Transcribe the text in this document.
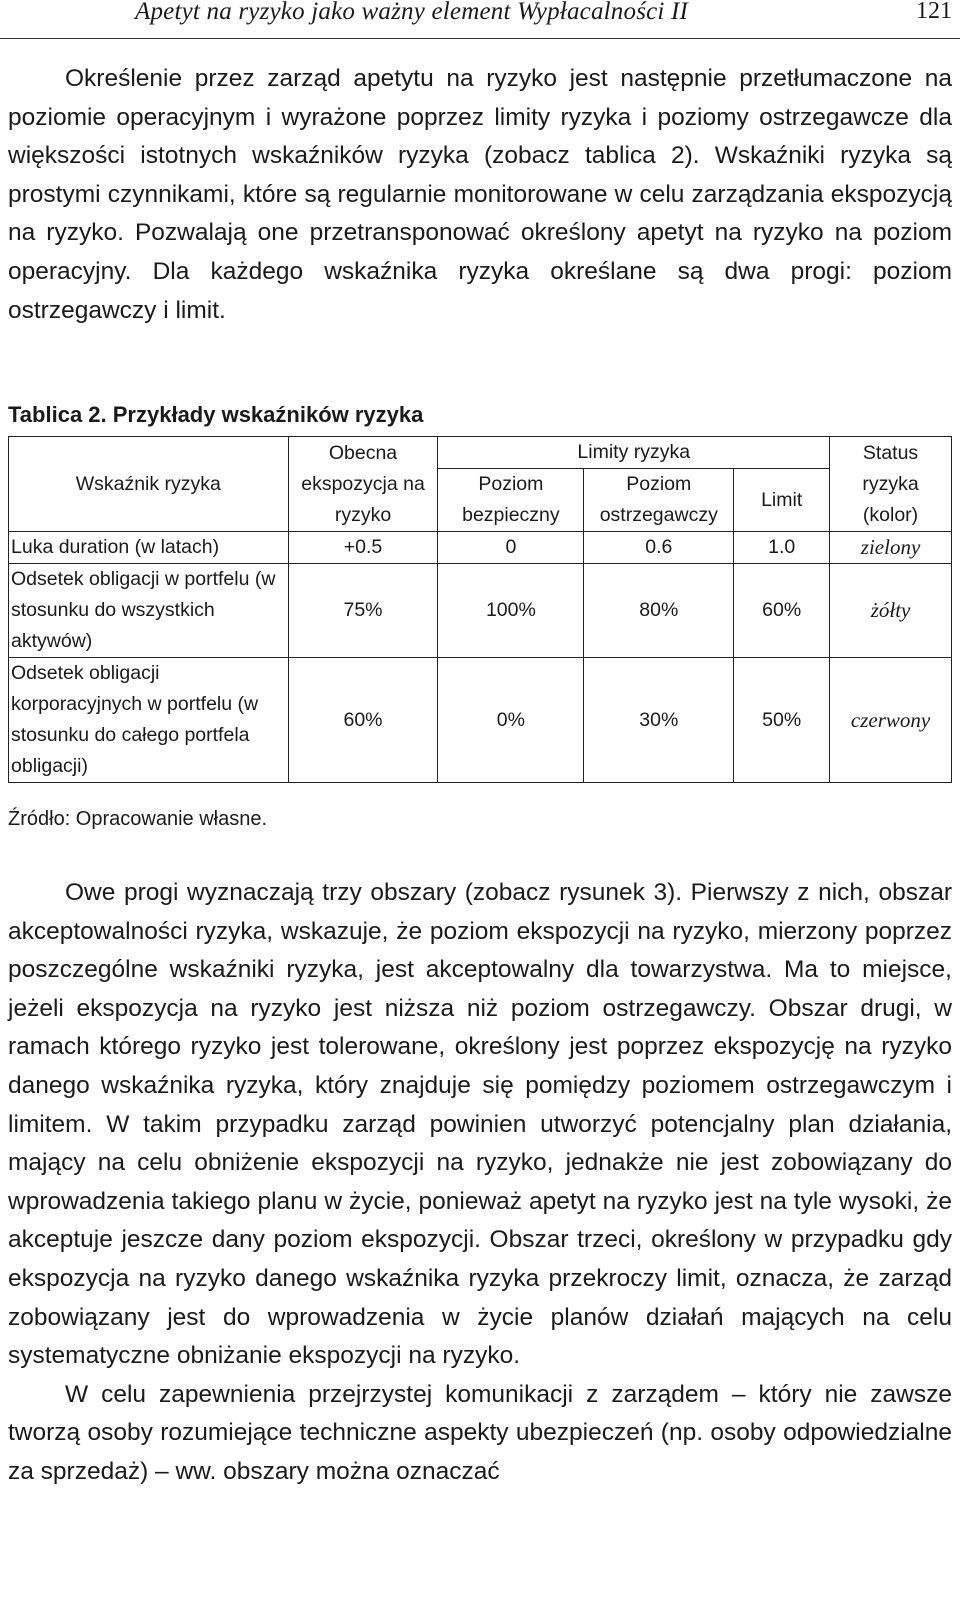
Apetyt na ryzyko jako ważny element Wypłacalności II	121

Określenie przez zarząd apetytu na ryzyko jest następnie przetłumaczone na poziomie operacyjnym i wyrażone poprzez limity ryzyka i poziomy ostrzegawcze dla większości istotnych wskaźników ryzyka (zobacz tablica 2). Wskaźniki ryzyka są prostymi czynnikami, które są regularnie monitorowane w celu zarządzania ekspozycją na ryzyko. Pozwalają one przetransponować określony apetyt na ryzyko na poziom operacyjny. Dla każdego wskaźnika ryzyka określane są dwa progi: poziom ostrzegawczy i limit.

Tablica 2. Przykłady wskaźników ryzyka

Wskaźnik ryzyka	Obecna ekspozycja na ryzyko	Limity ryzyka			Status ryzyka (kolor)
		Poziom bezpieczny	Poziom ostrzegawczy	Limit	
Luka duration (w latach)	+0.5	0	0.6	1.0	zielony
Odsetek obligacji w portfelu (w stosunku do wszystkich aktywów)	75%	100%	80%	60%	żółty
Odsetek obligacji korporacyjnych w portfelu (w stosunku do całego portfela obligacji)	60%	0%	30%	50%	czerwony

Źródło: Opracowanie własne.

Owe progi wyznaczają trzy obszary (zobacz rysunek 3). Pierwszy z nich, obszar akceptowalności ryzyka, wskazuje, że poziom ekspozycji na ryzyko, mierzony poprzez poszczególne wskaźniki ryzyka, jest akceptowalny dla towarzystwa. Ma to miejsce, jeżeli ekspozycja na ryzyko jest niższa niż poziom ostrzegawczy. Obszar drugi, w ramach którego ryzyko jest tolerowane, określony jest poprzez ekspozycję na ryzyko danego wskaźnika ryzyka, który znajduje się pomiędzy poziomem ostrzegawczym i limitem. W takim przypadku zarząd powinien utworzyć potencjalny plan działania, mający na celu obniżenie ekspozycji na ryzyko, jednakże nie jest zobowiązany do wprowadzenia takiego planu w życie, ponieważ apetyt na ryzyko jest na tyle wysoki, że akceptuje jeszcze dany poziom ekspozycji. Obszar trzeci, określony w przypadku gdy ekspozycja na ryzyko danego wskaźnika ryzyka przekroczy limit, oznacza, że zarząd zobowiązany jest do wprowadzenia w życie planów działań mających na celu systematyczne obniżanie ekspozycji na ryzyko.
W celu zapewnienia przejrzystej komunikacji z zarządem – który nie zawsze tworzą osoby rozumiejące techniczne aspekty ubezpieczeń (np. osoby odpowiedzialne za sprzedaż) – ww. obszary można oznaczać
